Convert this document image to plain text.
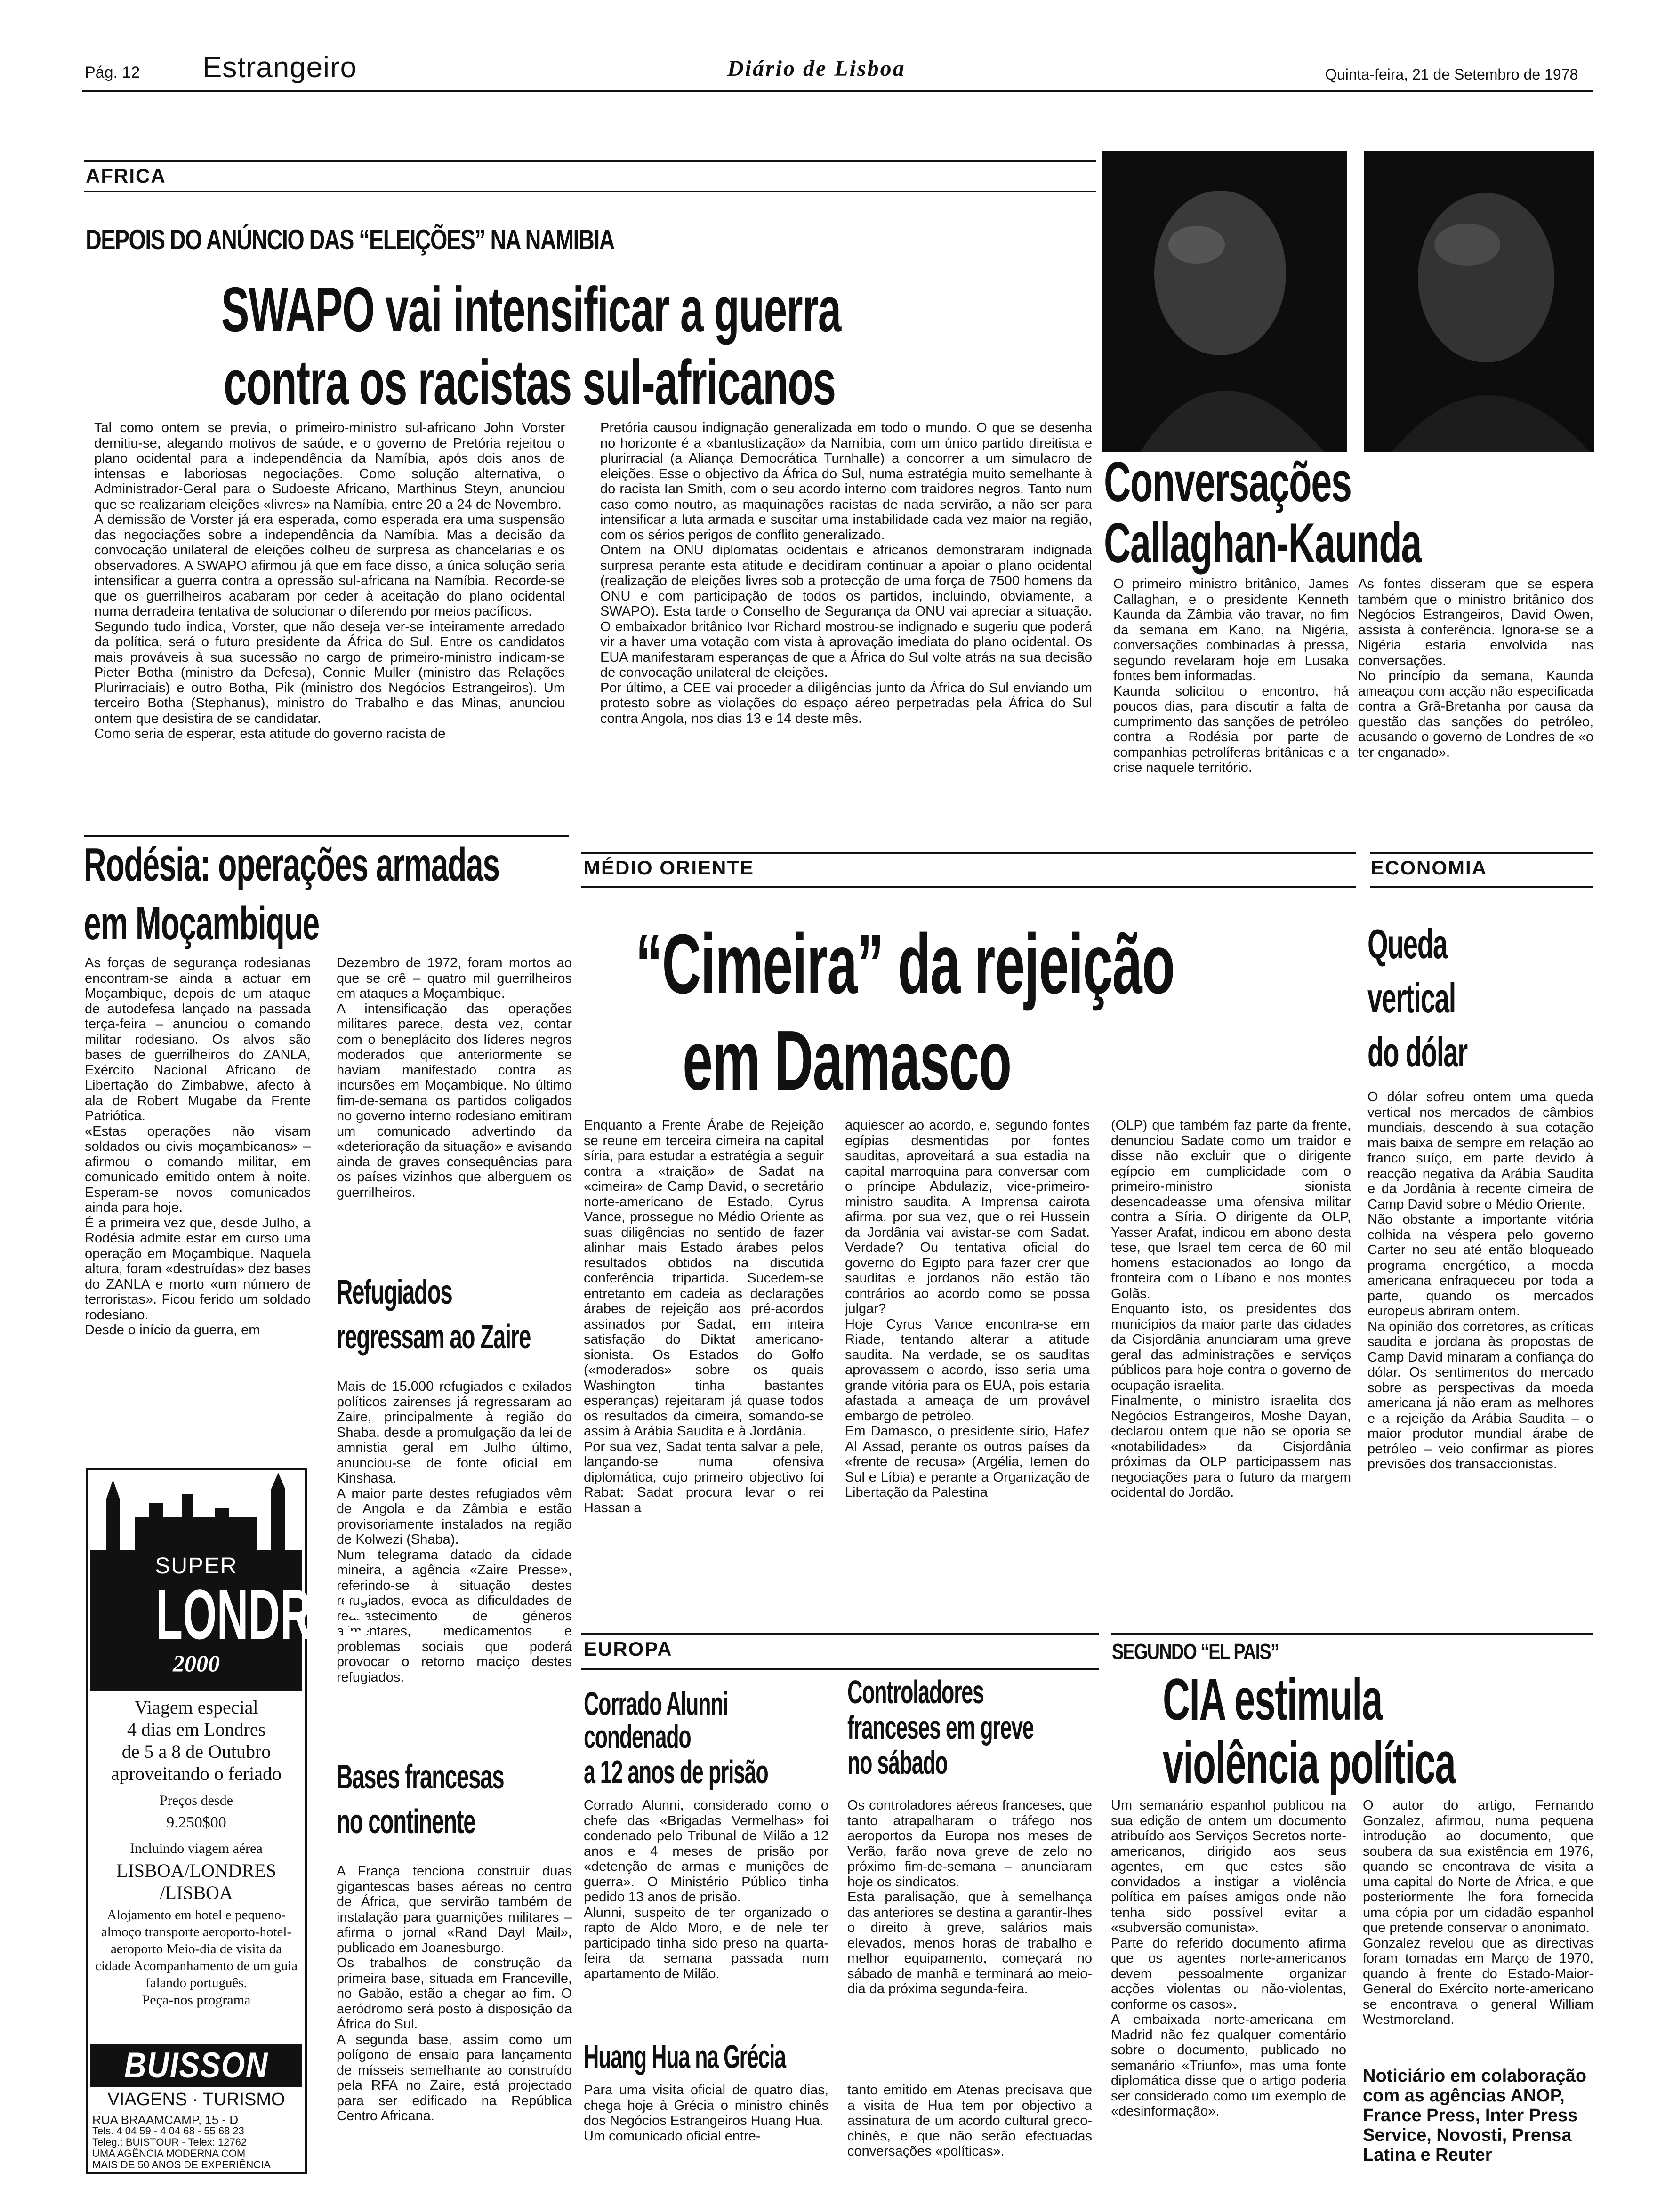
Pág. 12 Estrangeiro	Diário de Lisboa	Quinta-feira, 21 de Setembro de 1978
AFRICA
DEPOIS DO ANÚNCIO DAS “ELEIÇÕES” NA NAMIBIA
SWAPO vai intensificar a guerra
contra os racistas sul-africanos

Tal como ontem se previa, o primeiro-ministro sul-africano John Vorster demitiu-se, alegando motivos de saúde, e o governo de Pretória rejeitou o plano ocidental para a independência da Namíbia, após dois anos de intensas e laboriosas negociações. Como solução alternativa, o Administrador-Geral para o Sudoeste Africano, Marthinus Steyn, anunciou que se realizariam eleições «livres» na Namíbia, entre 20 a 24 de Novembro.
A demissão de Vorster já era esperada, como esperada era uma suspensão das negociações sobre a independência da Namíbia. Mas a decisão da convocação unilateral de eleições colheu de surpresa as chancelarias e os observadores. A SWAPO afirmou já que em face disso, a única solução seria intensificar a guerra contra a opressão sul-africana na Namíbia. Recorde-se que os guerrilheiros acabaram por ceder à aceitação do plano ocidental numa derradeira tentativa de solucionar o diferendo por meios pacíficos.
Segundo tudo indica, Vorster, que não deseja ver-se inteiramente arredado da política, será o futuro presidente da África do Sul. Entre os candidatos mais prováveis à sua sucessão no cargo de primeiro-ministro indicam-se Pieter Botha (ministro da Defesa), Connie Muller (ministro das Relações Plurirraciais) e outro Botha, Pik (ministro dos Negócios Estrangeiros). Um terceiro Botha (Stephanus), ministro do Trabalho e das Minas, anunciou ontem que desistira de se candidatar.
Como seria de esperar, esta atitude do governo racista de

Pretória causou indignação generalizada em todo o mundo. O que se desenha no horizonte é a «bantustização» da Namíbia, com um único partido direitista e plurirracial (a Aliança Democrática Turnhalle) a concorrer a um simulacro de eleições. Esse o objectivo da África do Sul, numa estratégia muito semelhante à do racista Ian Smith, com o seu acordo interno com traidores negros. Tanto num caso como noutro, as maquinações racistas de nada servirão, a não ser para intensificar a luta armada e suscitar uma instabilidade cada vez maior na região, com os sérios perigos de conflito generalizado.
Ontem na ONU diplomatas ocidentais e africanos demonstraram indignada surpresa perante esta atitude e decidiram continuar a apoiar o plano ocidental (realização de eleições livres sob a protecção de uma força de 7500 homens da ONU e com participação de todos os partidos, incluindo, obviamente, a SWAPO). Esta tarde o Conselho de Segurança da ONU vai apreciar a situação. O embaixador britânico Ivor Richard mostrou-se indignado e sugeriu que poderá vir a haver uma votação com vista à aprovação imediata do plano ocidental. Os EUA manifestaram esperanças de que a África do Sul volte atrás na sua decisão de convocação unilateral de eleições.
Por último, a CEE vai proceder a diligências junto da África do Sul enviando um protesto sobre as violações do espaço aéreo perpetradas pela África do Sul contra Angola, nos dias 13 e 14 deste mês.

Conversações
Callaghan-Kaunda

O primeiro ministro britânico, James Callaghan, e o presidente Kenneth Kaunda da Zâmbia vão travar, no fim da semana em Kano, na Nigéria, conversações combinadas à pressa, segundo revelaram hoje em Lusaka fontes bem informadas.
Kaunda solicitou o encontro, há poucos dias, para discutir a falta de cumprimento das sanções de petróleo contra a Rodésia por parte de companhias petrolíferas britânicas e a crise naquele território.

As fontes disseram que se espera também que o ministro britânico dos Negócios Estrangeiros, David Owen, assista à conferência. Ignora-se se a Nigéria estaria envolvida nas conversações.
No princípio da semana, Kaunda ameaçou com acção não especificada contra a Grã-Bretanha por causa da questão das sanções do petróleo, acusando o governo de Londres de «o ter enganado».

Rodésia: operações armadas
em Moçambique

As forças de segurança rodesianas encontram-se ainda a actuar em Moçambique, depois de um ataque de autodefesa lançado na passada terça-feira – anunciou o comando militar rodesiano. Os alvos são bases de guerrilheiros do ZANLA, Exército Nacional Africano de Libertação do Zimbabwe, afecto à ala de Robert Mugabe da Frente Patriótica.
«Estas operações não visam soldados ou civis moçambicanos» – afirmou o comando militar, em comunicado emitido ontem à noite. Esperam-se novos comunicados ainda para hoje.
É a primeira vez que, desde Julho, a Rodésia admite estar em curso uma operação em Moçambique. Naquela altura, foram «destruídas» dez bases do ZANLA e morto «um número de terroristas». Ficou ferido um soldado rodesiano.
Desde o início da guerra, em

Dezembro de 1972, foram mortos ao que se crê – quatro mil guerrilheiros em ataques a Moçambique.
A intensificação das operações militares parece, desta vez, contar com o beneplácito dos líderes negros moderados que anteriormente se haviam manifestado contra as incursões em Moçambique. No último fim-de-semana os partidos coligados no governo interno rodesiano emitiram um comunicado advertindo da «deterioração da situação» e avisando ainda de graves consequências para os países vizinhos que alberguem os guerrilheiros.

Refugiados
regressam ao Zaire

Mais de 15.000 refugiados e exilados políticos zairenses já regressaram ao Zaire, principalmente à região do Shaba, desde a promulgação da lei de amnistia geral em Julho último, anunciou-se de fonte oficial em Kinshasa.
A maior parte destes refugiados vêm de Angola e da Zâmbia e estão provisoriamente instalados na região de Kolwezi (Shaba).
Num telegrama datado da cidade mineira, a agência «Zaire Presse», referindo-se à situação destes refugiados, evoca as dificuldades de reabastecimento de géneros alimentares, medicamentos e problemas sociais que poderá provocar o retorno maciço destes refugiados.

Bases francesas
no continente

A França tenciona construir duas gigantescas bases aéreas no centro de África, que servirão também de instalação para guarnições militares – afirma o jornal «Rand Dayl Mail», publicado em Joanesburgo.
Os trabalhos de construção da primeira base, situada em Franceville, no Gabão, estão a chegar ao fim. O aeródromo será posto à disposição da África do Sul.
A segunda base, assim como um polígono de ensaio para lançamento de mísseis semelhante ao construído pela RFA no Zaire, está projectado para ser edificado na República Centro Africana.

SUPER
LONDRES
2000
Viagem especial
4 dias em Londres
de 5 a 8 de Outubro
aproveitando o feriado
Preços desde
9.250$00
Incluindo viagem aérea
LISBOA/LONDRES
/LISBOA
Alojamento em hotel e pequeno-almoço transporte aeroporto-hotel-aeroporto Meio-dia de visita da cidade Acompanhamento de um guia falando português.
Peça-nos programa
BUISSON
VIAGENS · TURISMO
RUA BRAAMCAMP, 15 - D
Tels. 4 04 59 - 4 04 68 - 55 68 23
Teleg.: BUISTOUR - Telex: 12762
UMA AGÊNCIA MODERNA COM
MAIS DE 50 ANOS DE EXPERIÊNCIA
MÉDIO ORIENTE
“Cimeira” da rejeição
em Damasco

Enquanto a Frente Árabe de Rejeição se reune em terceira cimeira na capital síria, para estudar a estratégia a seguir contra a «traição» de Sadat na «cimeira» de Camp David, o secretário norte-americano de Estado, Cyrus Vance, prossegue no Médio Oriente as suas diligências no sentido de fazer alinhar mais Estado árabes pelos resultados obtidos na discutida conferência tripartida. Sucedem-se entretanto em cadeia as declarações árabes de rejeição aos pré-acordos assinados por Sadat, em inteira satisfação do Diktat americano-sionista. Os Estados do Golfo («moderados» sobre os quais Washington tinha bastantes esperanças) rejeitaram já quase todos os resultados da cimeira, somando-se assim à Arábia Saudita e à Jordânia.
Por sua vez, Sadat tenta salvar a pele, lançando-se numa ofensiva diplomática, cujo primeiro objectivo foi Rabat: Sadat procura levar o rei Hassan a

aquiescer ao acordo, e, segundo fontes egípias desmentidas por fontes sauditas, aproveitará a sua estadia na capital marroquina para conversar com o príncipe Abdulaziz, vice-primeiro-ministro saudita. A Imprensa cairota afirma, por sua vez, que o rei Hussein da Jordânia vai avistar-se com Sadat. Verdade? Ou tentativa oficial do governo do Egipto para fazer crer que sauditas e jordanos não estão tão contrários ao acordo como se possa julgar?
Hoje Cyrus Vance encontra-se em Riade, tentando alterar a atitude saudita. Na verdade, se os sauditas aprovassem o acordo, isso seria uma grande vitória para os EUA, pois estaria afastada a ameaça de um provável embargo de petróleo.
Em Damasco, o presidente sírio, Hafez Al Assad, perante os outros países da «frente de recusa» (Argélia, Iemen do Sul e Líbia) e perante a Organização de Libertação da Palestina

(OLP) que também faz parte da frente, denunciou Sadate como um traidor e disse não excluir que o dirigente egípcio em cumplicidade com o primeiro-ministro sionista desencadeasse uma ofensiva militar contra a Síria. O dirigente da OLP, Yasser Arafat, indicou em abono desta tese, que Israel tem cerca de 60 mil homens estacionados ao longo da fronteira com o Líbano e nos montes Golãs.
Enquanto isto, os presidentes dos municípios da maior parte das cidades da Cisjordânia anunciaram uma greve geral das administrações e serviços públicos para hoje contra o governo de ocupação israelita.
Finalmente, o ministro israelita dos Negócios Estrangeiros, Moshe Dayan, declarou ontem que não se oporia se «notabilidades» da Cisjordânia próximas da OLP participassem nas negociações para o futuro da margem ocidental do Jordão.

ECONOMIA
Queda
vertical
do dólar

O dólar sofreu ontem uma queda vertical nos mercados de câmbios mundiais, descendo à sua cotação mais baixa de sempre em relação ao franco suíço, em parte devido à reacção negativa da Arábia Saudita e da Jordânia à recente cimeira de Camp David sobre o Médio Oriente.
Não obstante a importante vitória colhida na véspera pelo governo Carter no seu até então bloqueado programa energético, a moeda americana enfraqueceu por toda a parte, quando os mercados europeus abriram ontem.
Na opinião dos corretores, as críticas saudita e jordana às propostas de Camp David minaram a confiança do dólar. Os sentimentos do mercado sobre as perspectivas da moeda americana já não eram as melhores e a rejeição da Arábia Saudita – o maior produtor mundial árabe de petróleo – veio confirmar as piores previsões dos transaccionistas.

EUROPA
Corrado Alunni
condenado
a 12 anos de prisão

Corrado Alunni, considerado como o chefe das «Brigadas Vermelhas» foi condenado pelo Tribunal de Milão a 12 anos e 4 meses de prisão por «detenção de armas e munições de guerra». O Ministério Público tinha pedido 13 anos de prisão.
Alunni, suspeito de ter organizado o rapto de Aldo Moro, e de nele ter participado tinha sido preso na quarta-feira da semana passada num apartamento de Milão.

Controladores
franceses em greve
no sábado

Os controladores aéreos franceses, que tanto atrapalharam o tráfego nos aeroportos da Europa nos meses de Verão, farão nova greve de zelo no próximo fim-de-semana – anunciaram hoje os sindicatos.
Esta paralisação, que à semelhança das anteriores se destina a garantir-lhes o direito à greve, salários mais elevados, menos horas de trabalho e melhor equipamento, começará no sábado de manhã e terminará ao meio-dia da próxima segunda-feira.

Huang Hua na Grécia

Para uma visita oficial de quatro dias, chega hoje à Grécia o ministro chinês dos Negócios Estrangeiros Huang Hua.
Um comunicado oficial entre-

tanto emitido em Atenas precisava que a visita de Hua tem por objectivo a assinatura de um acordo cultural greco-chinês, e que não serão efectuadas conversações «políticas».

SEGUNDO “EL PAIS”
CIA estimula
violência política

Um semanário espanhol publicou na sua edição de ontem um documento atribuído aos Serviços Secretos norte-americanos, dirigido aos seus agentes, em que estes são convidados a instigar a violência política em países amigos onde não tenha sido possível evitar a «subversão comunista».
Parte do referido documento afirma que os agentes norte-americanos devem pessoalmente organizar acções violentas ou não-violentas, conforme os casos».
A embaixada norte-americana em Madrid não fez qualquer comentário sobre o documento, publicado no semanário «Triunfo», mas uma fonte diplomática disse que o artigo poderia ser considerado como um exemplo de «desinformação».

O autor do artigo, Fernando Gonzalez, afirmou, numa pequena introdução ao documento, que soubera da sua existência em 1976, quando se encontrava de visita a uma capital do Norte de África, e que posteriormente lhe fora fornecida uma cópia por um cidadão espanhol que pretende conservar o anonimato.
Gonzalez revelou que as directivas foram tomadas em Março de 1970, quando à frente do Estado-Maior-General do Exército norte-americano se encontrava o general William Westmoreland.

Noticiário em colaboração com as agências ANOP, France Press, Inter Press Service, Novosti, Prensa Latina e Reuter
